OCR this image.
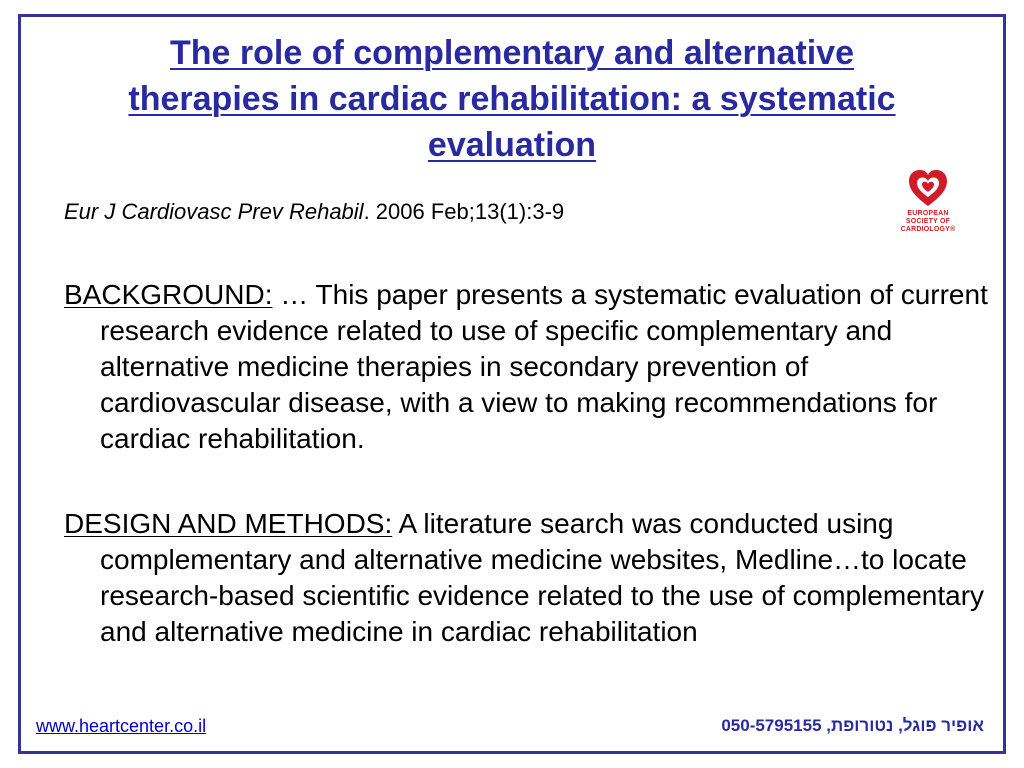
The role of complementary and alternative
therapies in cardiac rehabilitation: a systematic
evaluation
Eur J Cardiovasc Prev Rehabil. 2006 Feb;13(1):3-9	EUROPEAN
SOCIETY OF
CARDIOLOGY®

BACKGROUND: … This paper presents a systematic evaluation of current research evidence related to use of specific complementary and alternative medicine therapies in secondary prevention of cardiovascular disease, with a view to making recommendations for cardiac rehabilitation.

DESIGN AND METHODS: A literature search was conducted using complementary and alternative medicine websites, Medline…to locate research-based scientific evidence related to the use of complementary and alternative medicine in cardiac rehabilitation

www.heartcenter.co.il	אופיר פוגל, נטורופת, 050-5795155
